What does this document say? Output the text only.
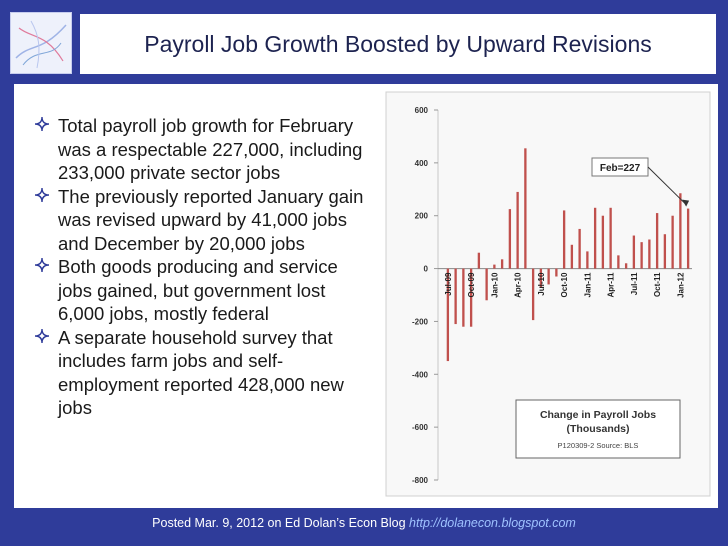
Payroll Job Growth Boosted by Upward Revisions
Total payroll job growth for February was a respectable 227,000, including 233,000 private sector jobs
The previously reported January gain was revised upward by 41,000 jobs and December by 20,000 jobs
Both goods producing and service jobs gained, but government lost 6,000 jobs, mostly federal
A separate household survey that includes farm jobs and self-employment reported 428,000 new jobs
600
400
200
0
-200
-400
-600
-800
Jul-09 Oct-09 Jan-10 Apr-10 Jul-10 Oct-10 Jan-11 Apr-11 Jul-11 Oct-11 Jan-12
Feb=227
Change in Payroll Jobs
(Thousands)
P120309-2 Source: BLS
Posted Mar. 9, 2012 on Ed Dolan’s Econ Blog http://dolanecon.blogspot.com
